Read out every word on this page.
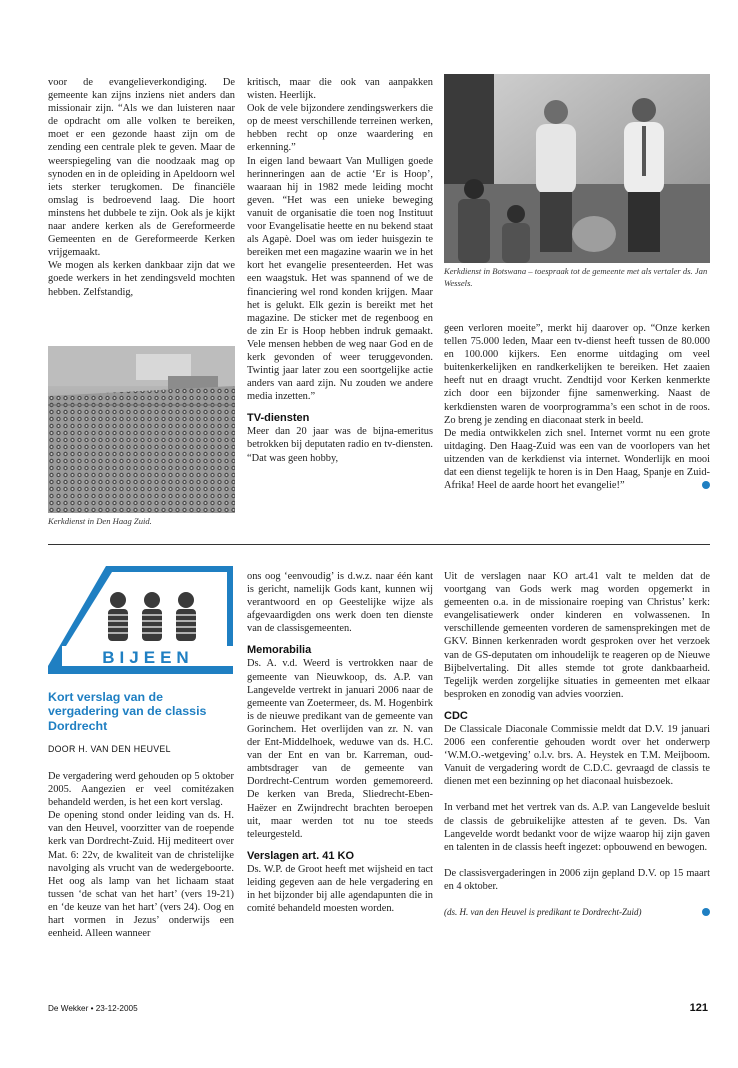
voor de evangelieverkondiging. De gemeente kan zijns inziens niet anders dan missionair zijn. “Als we dan luisteren naar de opdracht om alle volken te bereiken, moet er een gezonde haast zijn om de zending een centrale plek te geven. Maar de weerspiegeling van die noodzaak mag op synoden en in de opleiding in Apeldoorn wel iets sterker terugkomen. De financiële omslag is bedroevend laag. Die hoort minstens het dubbele te zijn. Ook als je kijkt naar andere kerken als de Gereformeerde Gemeenten en de Gereformeerde Kerken vrijgemaakt.

We mogen als kerken dankbaar zijn dat we goede werkers in het zendingsveld mochten hebben. Zelfstandig,

Kerkdienst in Den Haag Zuid.

kritisch, maar die ook van aanpakken wisten. Heerlijk.

Ook de vele bijzondere zendingswerkers die op de meest verschillende terreinen werken, hebben recht op onze waardering en erkenning.”

In eigen land bewaart Van Mulligen goede herinneringen aan de actie ‘Er is Hoop’, waaraan hij in 1982 mede leiding mocht geven. “Het was een unieke beweging vanuit de organisatie die toen nog Instituut voor Evangelisatie heette en nu bekend staat als Agapè. Doel was om ieder huisgezin te bereiken met een magazine waarin we in het kort het evangelie presenteerden. Het was een waagstuk. Het was spannend of we de financiering wel rond konden krijgen. Maar het is gelukt. Elk gezin is bereikt met het magazine. De sticker met de regenboog en de zin Er is Hoop hebben indruk gemaakt. Vele mensen hebben de weg naar God en de kerk gevonden of weer teruggevonden. Twintig jaar later zou een soortgelijke actie anders van aard zijn. Nu zouden we andere media inzetten.”

TV-diensten

Meer dan 20 jaar was de bijna-emeritus betrokken bij deputaten radio en tv-diensten. “Dat was geen hobby,

Kerkdienst in Botswana – toespraak tot de gemeente met als vertaler ds. Jan Wessels.

geen verloren moeite”, merkt hij daarover op. “Onze kerken tellen 75.000 leden, Maar een tv-dienst heeft tussen de 80.000 en 100.000 kijkers. Een enorme uitdaging om veel buitenkerkelijken en randkerkelijken te bereiken. Het zaaien heeft nut en draagt vrucht. Zendtijd voor Kerken kenmerkte zich door een bijzonder fijne samenwerking. Naast de kerkdiensten waren de voorprogramma’s een schot in de roos. Zo breng je zending en diaconaat sterk in beeld.

De media ontwikkelen zich snel. Internet vormt nu een grote uitdaging. Den Haag-Zuid was een van de voorlopers van het uitzenden van de kerkdienst via internet. Wonderlijk en mooi dat een dienst tegelijk te horen is in Den Haag, Spanje en Zuid-Afrika! Heel de aarde hoort het evangelie!”

BIJEEN
Kort verslag van de vergadering van de classis Dordrecht
DOOR H. VAN DEN HEUVEL

De vergadering werd gehouden op 5 oktober 2005. Aangezien er veel comitézaken behandeld werden, is het een kort verslag.

De opening stond onder leiding van ds. H. van den Heuvel, voorzitter van de roepende kerk van Dordrecht-Zuid. Hij mediteert over Mat. 6: 22v, de kwaliteit van de christelijke navolging als vrucht van de wedergeboorte. Het oog als lamp van het lichaam staat tussen ‘de schat van het hart’ (vers 19-21) en ‘de keuze van het hart’ (vers 24). Oog en hart vormen in Jezus’ onderwijs een eenheid. Alleen wanneer

ons oog ‘eenvoudig’ is d.w.z. naar één kant is gericht, namelijk Gods kant, kunnen wij verantwoord en op Geestelijke wijze als afgevaardigden ons werk doen ten dienste van de classisgemeenten.

Memorabilia

Ds. A. v.d. Weerd is vertrokken naar de gemeente van Nieuwkoop, ds. A.P. van Langevelde vertrekt in januari 2006 naar de gemeente van Zoetermeer, ds. M. Hogenbirk is de nieuwe predikant van de gemeente van Gorinchem. Het overlijden van zr. N. van der Ent-Middelhoek, weduwe van ds. H.C. van der Ent en van br. Karreman, oud-ambtsdrager van de gemeente van Dordrecht-Centrum worden gememoreerd. De kerken van Breda, Sliedrecht-Eben-Haëzer en Zwijndrecht brachten beroepen uit, maar werden tot nu toe steeds teleurgesteld.

Verslagen art. 41 KO

Ds. W.P. de Groot heeft met wijsheid en tact leiding gegeven aan de hele vergadering en in het bijzonder bij alle agendapunten die in comité behandeld moesten worden.

Uit de verslagen naar KO art.41 valt te melden dat de voortgang van Gods werk mag worden opgemerkt in gemeenten o.a. in de missionaire roeping van Christus’ kerk: evangelisatiewerk onder kinderen en volwassenen. In verschillende gemeenten vorderen de samensprekingen met de GKV. Binnen kerkenraden wordt gesproken over het verzoek van de GS-deputaten om inhoudelijk te reageren op de Nieuwe Bijbelvertaling. Dit alles stemde tot grote dankbaarheid. Tegelijk werden zorgelijke situaties in gemeenten met elkaar besproken en zonodig van advies voorzien.

CDC

De Classicale Diaconale Commissie meldt dat D.V. 19 januari 2006 een conferentie gehouden wordt over het onderwerp ‘W.M.O.-wetgeving’ o.l.v. brs. A. Heystek en T.M. Meijboom. Vanuit de vergadering wordt de C.D.C. gevraagd de classis te dienen met een bezinning op het diaconaal huisbezoek.

In verband met het vertrek van ds. A.P. van Langevelde besluit de classis de gebruikelijke attesten af te geven. Ds. Van Langevelde wordt bedankt voor de wijze waarop hij zijn gaven en talenten in de classis heeft ingezet: opbouwend en bewogen.

De classisvergaderingen in 2006 zijn gepland D.V. op 15 maart en 4 oktober.

(ds. H. van den Heuvel is predikant te Dordrecht-Zuid)

De Wekker • 23-12-2005	121
